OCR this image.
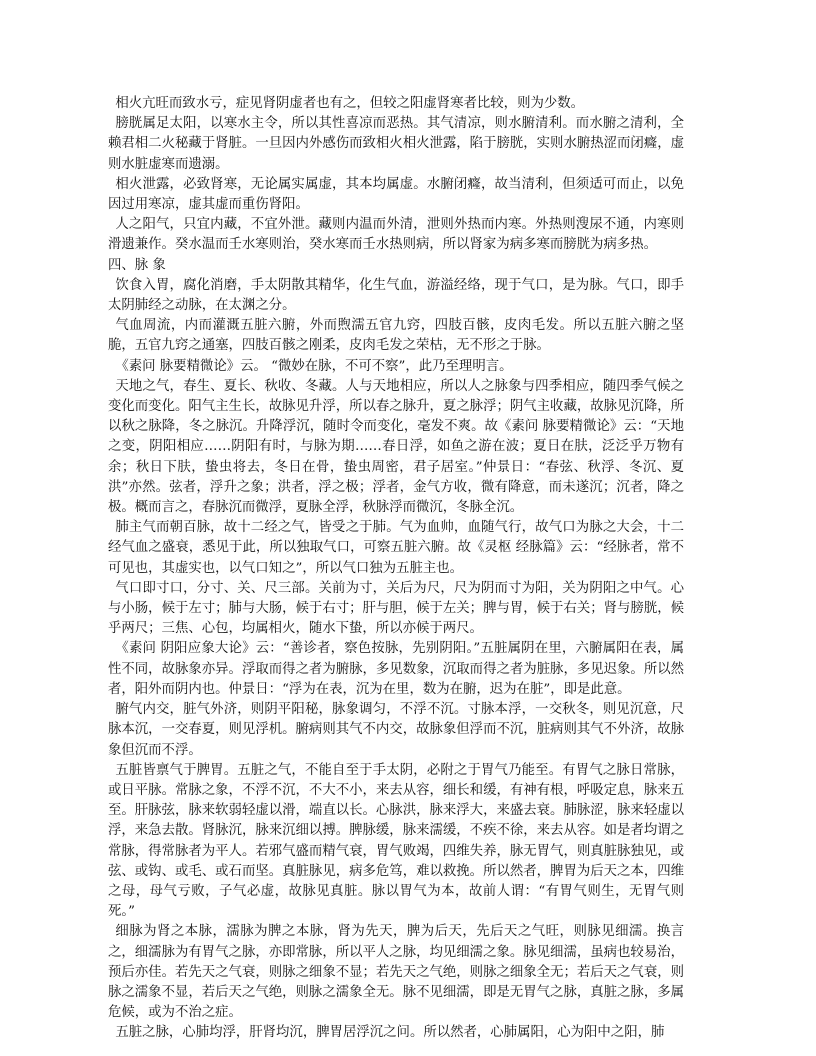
相火亢旺而致水亏，症见肾阴虚者也有之，但较之阳虚肾寒者比较，则为少数。

膀胱属足太阳，以寒水主令，所以其性喜凉而恶热。其气清凉，则水腑清利。而水腑之清利，全赖君相二火秘藏于肾脏。一旦因内外感伤而致相火相火泄露，陷于膀胱，实则水腑热涩而闭癃，虚则水脏虚寒而遗溺。

相火泄露，必致肾寒，无论属实属虚，其本均属虚。水腑闭癃，故当清利，但须适可而止，以免因过用寒凉，虚其虚而重伤肾阳。

人之阳气，只宜内藏，不宜外泄。藏则内温而外清，泄则外热而内寒。外热则溲尿不通，内寒则滑遗兼作。癸水温而壬水寒则治，癸水寒而壬水热则病，所以肾家为病多寒而膀胱为病多热。

四、脉 象

饮食入胃，腐化消磨，手太阴散其精华，化生气血，游溢经络，现于气口，是为脉。气口，即手太阴肺经之动脉，在太渊之分。

气血周流，内而灌溉五脏六腑，外而煦濡五官九窍，四肢百骸，皮肉毛发。所以五脏六腑之坚脆，五官九窍之通塞，四肢百骸之刚柔，皮肉毛发之荣枯，无不形之于脉。

《素问 脉要精微论》云。 “微妙在脉，不可不察”，此乃至理明言。

天地之气，春生、夏长、秋收、冬藏。人与天地相应，所以人之脉象与四季相应，随四季气候之变化而变化。阳气主生长，故脉见升浮，所以春之脉升，夏之脉浮；阴气主收藏，故脉见沉降，所以秋之脉降，冬之脉沉。升降浮沉，随时令而变化，毫发不爽。故《素问 脉要精微论》云：“天地之变，阴阳相应……阴阳有时，与脉为期……春日浮，如鱼之游在波；夏日在肤，泛泛乎万物有余；秋日下肤，蛰虫将去，冬日在骨，蛰虫周密，君子居室。”仲景日：“春弦、秋浮、冬沉、夏洪”亦然。弦者，浮升之象；洪者，浮之极；浮者，金气方收，微有降意，而未遂沉；沉者，降之极。概而言之，春脉沉而微浮，夏脉全浮，秋脉浮而微沉，冬脉全沉。

肺主气而朝百脉，故十二经之气，皆受之于肺。气为血帅，血随气行，故气口为脉之大会，十二经气血之盛衰，悉见于此，所以独取气口，可察五脏六腑。故《灵枢 经脉篇》云：“经脉者，常不可见也，其虚实也，以气口知之”，所以气口独为五脏主也。

气口即寸口，分寸、关、尺三部。关前为寸，关后为尺，尺为阴而寸为阳，关为阴阳之中气。心与小肠，候于左寸；肺与大肠，候于右寸；肝与胆，候于左关；脾与胃，候于右关；肾与膀胱，候乎两尺；三焦、心包，均属相火，随水下蛰，所以亦候于两尺。

《素问 阴阳应象大论》云：“善诊者，察色按脉，先别阴阳。”五脏属阴在里，六腑属阳在表，属性不同，故脉象亦异。浮取而得之者为腑脉，多见数象，沉取而得之者为脏脉，多见迟象。所以然者，阳外而阴内也。仲景日：“浮为在表，沉为在里，数为在腑，迟为在脏”，即是此意。

腑气内交，脏气外济，则阴平阳秘，脉象调匀，不浮不沉。寸脉本浮，一交秋冬，则见沉意，尺脉本沉，一交春夏，则见浮机。腑病则其气不内交，故脉象但浮而不沉，脏病则其气不外济，故脉象但沉而不浮。

五脏皆禀气于脾胃。五脏之气，不能自至于手太阴，必附之于胃气乃能至。有胃气之脉日常脉，或日平脉。常脉之象，不浮不沉，不大不小，来去从容，细长和缓，有神有根，呼吸定息，脉来五至。肝脉弦，脉来软弱轻虚以滑，端直以长。心脉洪，脉来浮大，来盛去衰。肺脉涩，脉来轻虚以浮，来急去散。肾脉沉，脉来沉细以搏。脾脉缓，脉来濡缓，不疾不徐，来去从容。如是者均谓之常脉，得常脉者为平人。若邪气盛而精气衰，胃气败竭，四维失养，脉无胃气，则真脏脉独见，或弦、或钩、或毛、或石而坚。真脏脉见，病多危笃，难以救挽。所以然者，脾胃为后天之本，四维之母，母气亏败，子气必虚，故脉见真脏。脉以胃气为本，故前人谓：“有胃气则生，无胃气则死。”

细脉为肾之本脉，濡脉为脾之本脉，肾为先天，脾为后天，先后天之气旺，则脉见细濡。换言之，细濡脉为有胃气之脉，亦即常脉，所以平人之脉，均见细濡之象。脉见细濡，虽病也较易治，预后亦佳。若先天之气衰，则脉之细象不显；若先天之气绝，则脉之细象全无；若后天之气衰，则脉之濡象不显，若后天之气绝，则脉之濡象全无。脉不见细濡，即是无胃气之脉，真脏之脉，多属危候，或为不治之症。

五脏之脉，心肺均浮，肝肾均沉，脾胃居浮沉之问。所以然者，心肺属阳，心为阳中之阳，肺
